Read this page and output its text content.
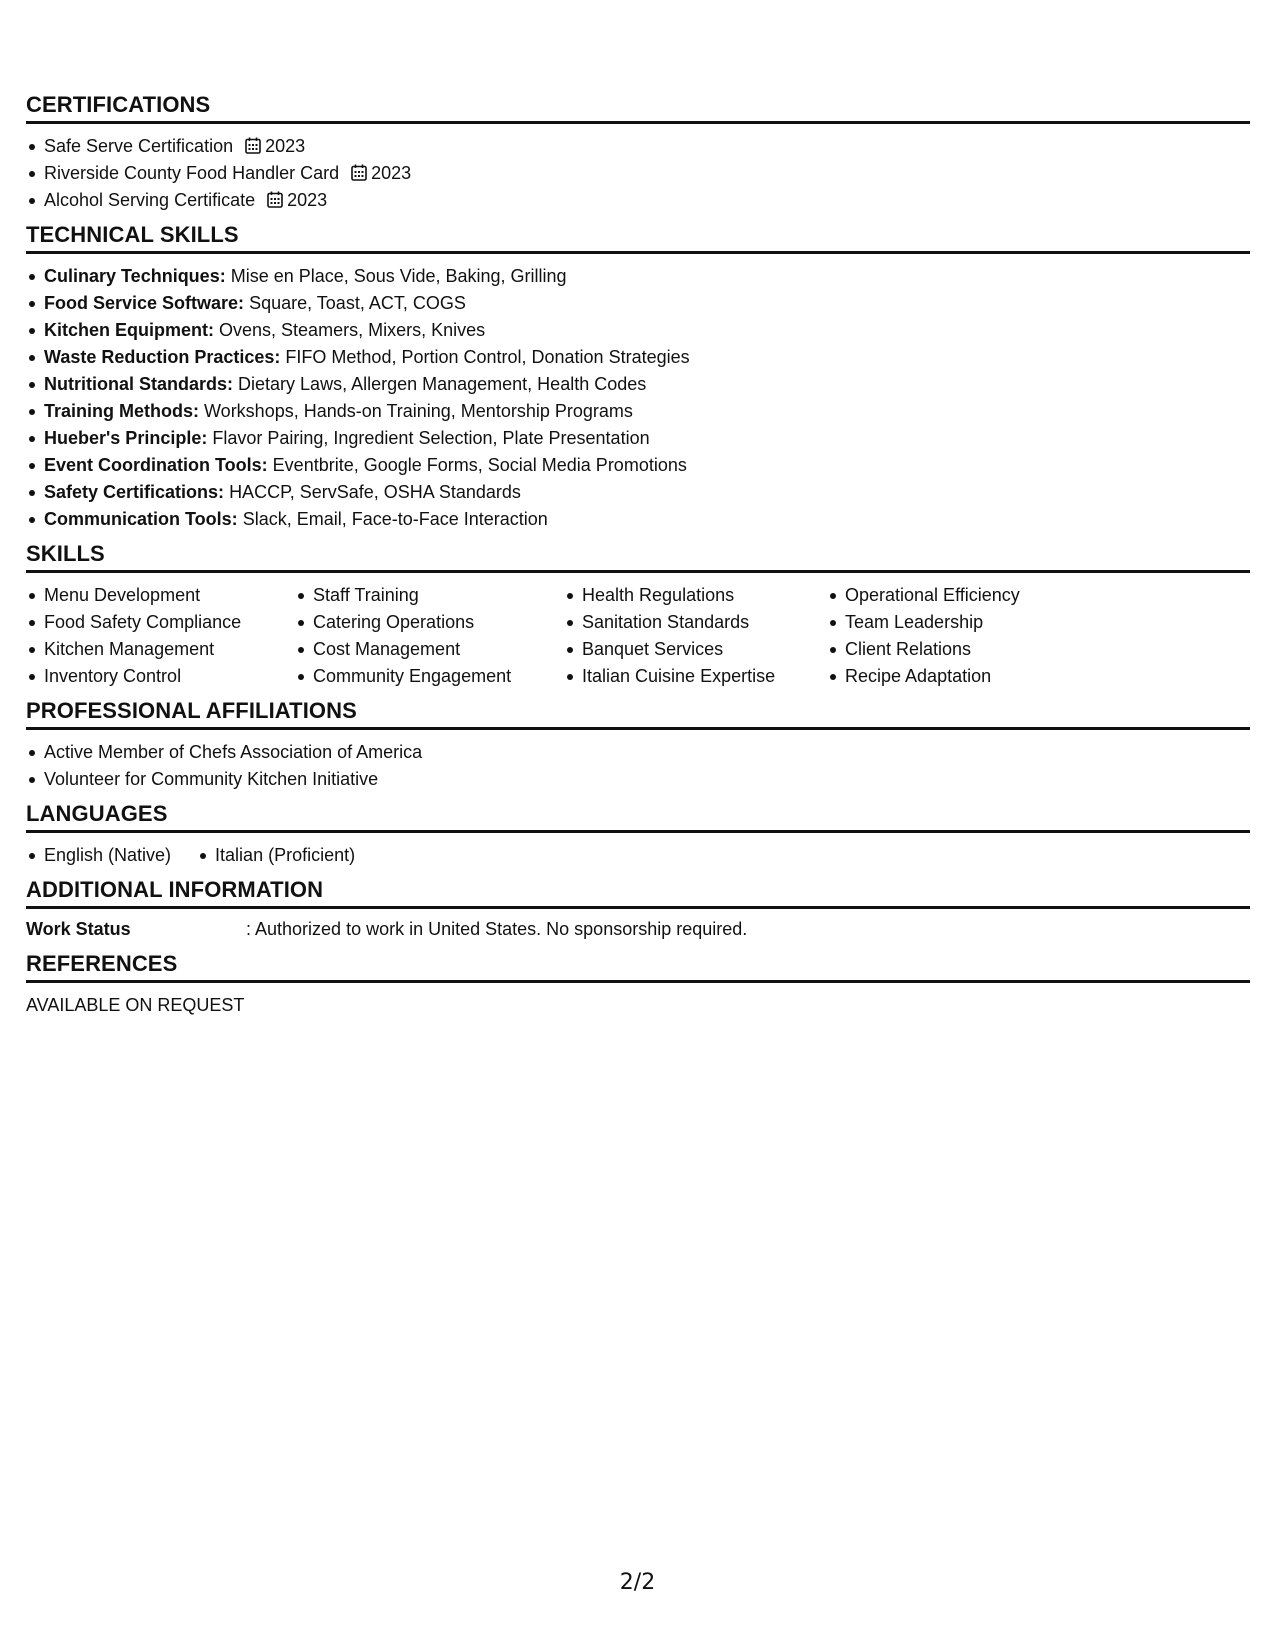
CERTIFICATIONS
Safe Serve Certification 2023
Riverside County Food Handler Card 2023
Alcohol Serving Certificate 2023
TECHNICAL SKILLS
Culinary Techniques: Mise en Place, Sous Vide, Baking, Grilling
Food Service Software: Square, Toast, ACT, COGS
Kitchen Equipment: Ovens, Steamers, Mixers, Knives
Waste Reduction Practices: FIFO Method, Portion Control, Donation Strategies
Nutritional Standards: Dietary Laws, Allergen Management, Health Codes
Training Methods: Workshops, Hands-on Training, Mentorship Programs
Hueber's Principle: Flavor Pairing, Ingredient Selection, Plate Presentation
Event Coordination Tools: Eventbrite, Google Forms, Social Media Promotions
Safety Certifications: HACCP, ServSafe, OSHA Standards
Communication Tools: Slack, Email, Face-to-Face Interaction
SKILLS
Menu Development
Food Safety Compliance
Kitchen Management
Inventory Control
Staff Training
Catering Operations
Cost Management
Community Engagement
Health Regulations
Sanitation Standards
Banquet Services
Italian Cuisine Expertise
Operational Efficiency
Team Leadership
Client Relations
Recipe Adaptation
PROFESSIONAL AFFILIATIONS
Active Member of Chefs Association of America
Volunteer for Community Kitchen Initiative
LANGUAGES
English (Native) Italian (Proficient)
ADDITIONAL INFORMATION
Work Status	: Authorized to work in United States. No sponsorship required.
REFERENCES
AVAILABLE ON REQUEST
2/2
